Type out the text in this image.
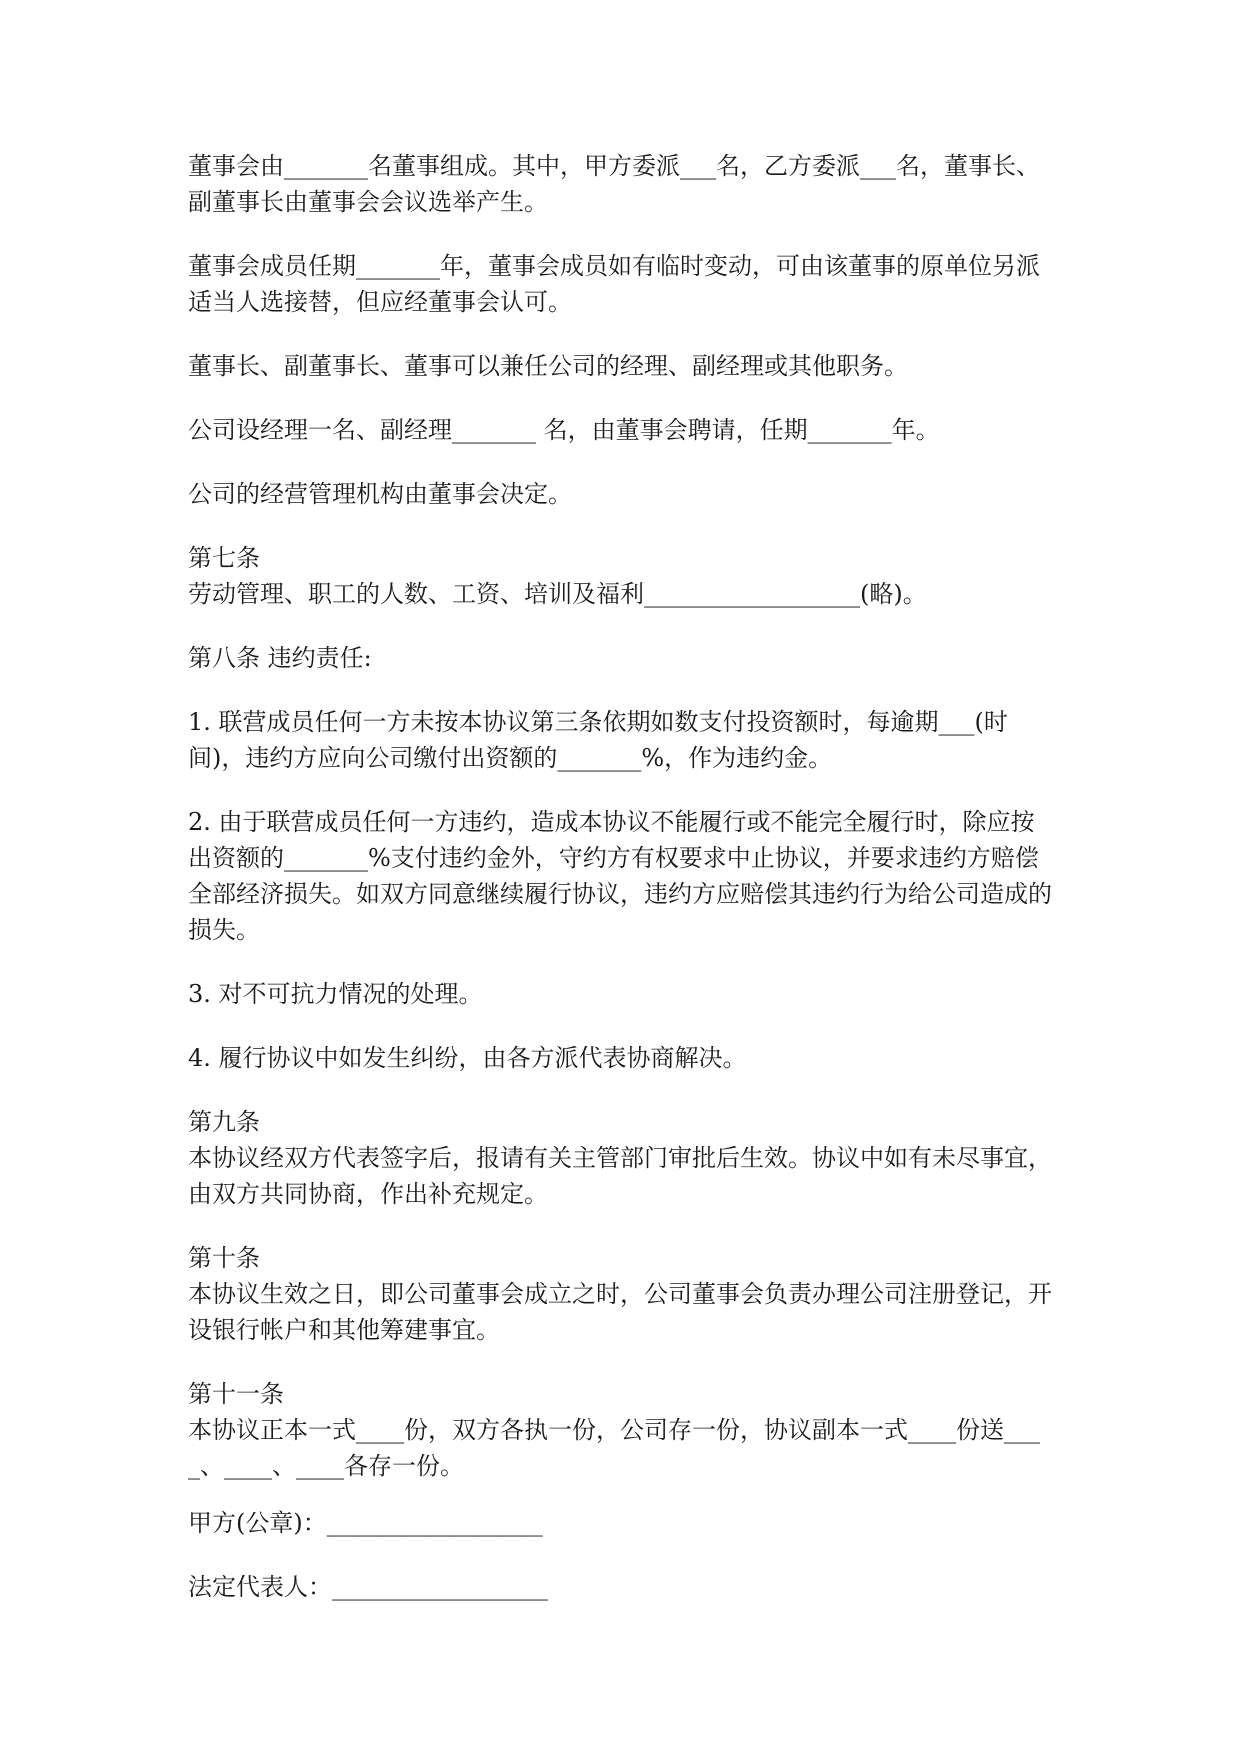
董事会由_______名董事组成。其中，甲方委派___名，乙方委派___名，董事长、副董事长由董事会会议选举产生。

董事会成员任期_______年，董事会成员如有临时变动，可由该董事的原单位另派适当人选接替，但应经董事会认可。

董事长、副董事长、董事可以兼任公司的经理、副经理或其他职务。

公司设经理一名、副经理_______ 名，由董事会聘请，任期_______年。

公司的经营管理机构由董事会决定。

第七条

劳动管理、职工的人数、工资、培训及福利__________________(略)。

第八条 违约责任:

1. 联营成员任何一方未按本协议第三条依期如数支付投资额时，每逾期___(时间)，违约方应向公司缴付出资额的_______%，作为违约金。

2. 由于联营成员任何一方违约，造成本协议不能履行或不能完全履行时，除应按出资额的_______%支付违约金外，守约方有权要求中止协议，并要求违约方赔偿全部经济损失。如双方同意继续履行协议，违约方应赔偿其违约行为给公司造成的损失。

3. 对不可抗力情况的处理。

4. 履行协议中如发生纠纷，由各方派代表协商解决。

第九条

本协议经双方代表签字后，报请有关主管部门审批后生效。协议中如有未尽事宜，由双方共同协商，作出补充规定。

第十条

本协议生效之日，即公司董事会成立之时，公司董事会负责办理公司注册登记，开设银行帐户和其他筹建事宜。

第十一条

本协议正本一式____份，双方各执一份，公司存一份，协议副本一式____份送____、____、____各存一份。

甲方(公章)：__________________

法定代表人：__________________
